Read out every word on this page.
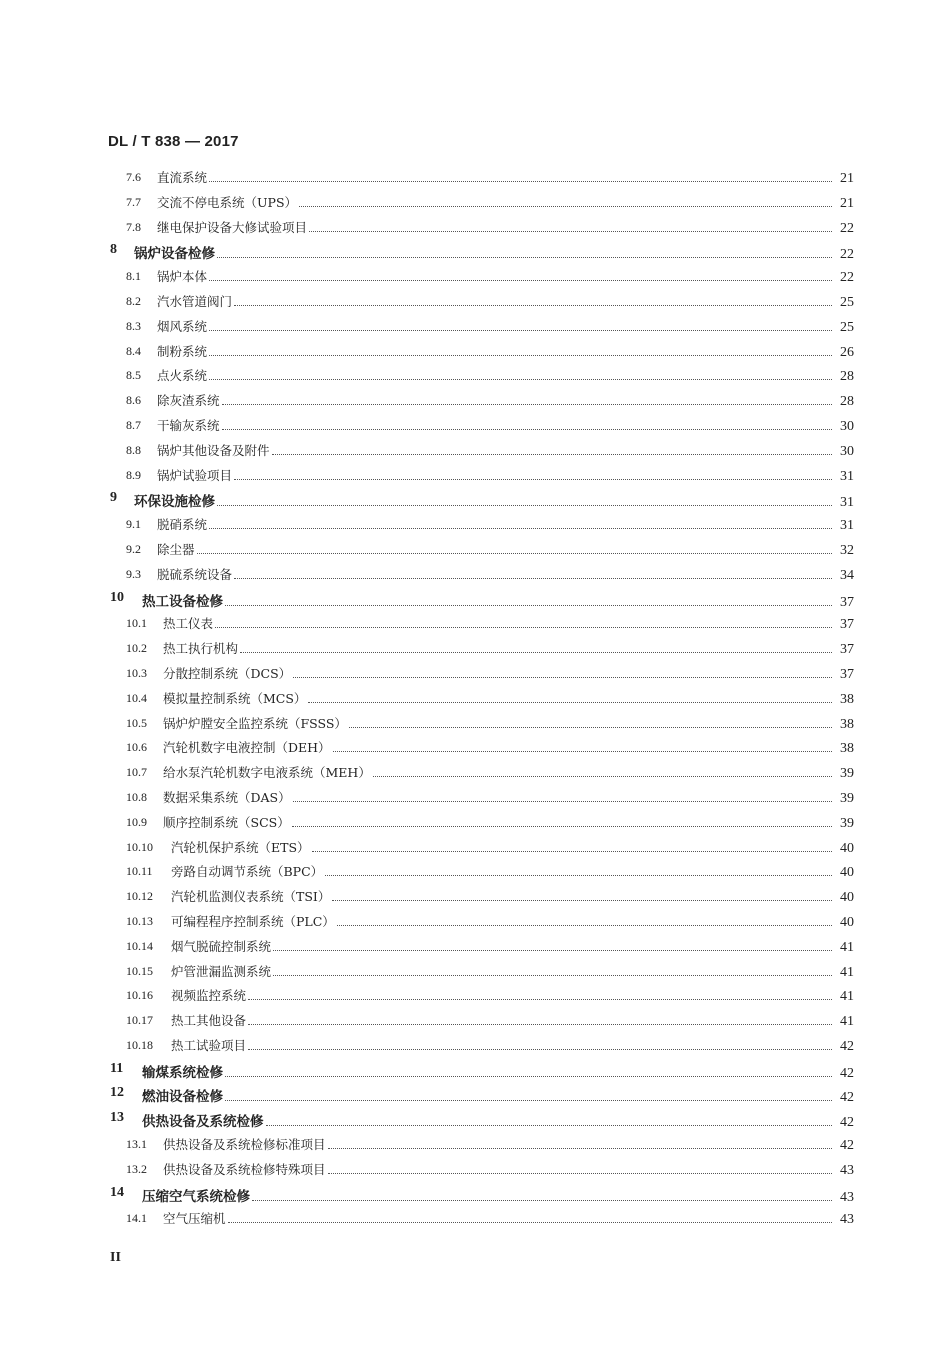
DL / T 838 — 2017
7.6 直流系统	21
7.7 交流不停电系统（UPS）	21
7.8 继电保护设备大修试验项目	22
8 锅炉设备检修	22
8.1 锅炉本体	22
8.2 汽水管道阀门	25
8.3 烟风系统	25
8.4 制粉系统	26
8.5 点火系统	28
8.6 除灰渣系统	28
8.7 干输灰系统	30
8.8 锅炉其他设备及附件	30
8.9 锅炉试验项目	31
9 环保设施检修	31
9.1 脱硝系统	31
9.2 除尘器	32
9.3 脱硫系统设备	34
10 热工设备检修	37
10.1 热工仪表	37
10.2 热工执行机构	37
10.3 分散控制系统（DCS）	37
10.4 模拟量控制系统（MCS）	38
10.5 锅炉炉膛安全监控系统（FSSS）	38
10.6 汽轮机数字电液控制（DEH）	38
10.7 给水泵汽轮机数字电液系统（MEH）	39
10.8 数据采集系统（DAS）	39
10.9 顺序控制系统（SCS）	39
10.10 汽轮机保护系统（ETS）	40
10.11 旁路自动调节系统（BPC）	40
10.12 汽轮机监测仪表系统（TSI）	40
10.13 可编程程序控制系统（PLC）	40
10.14 烟气脱硫控制系统	41
10.15 炉管泄漏监测系统	41
10.16 视频监控系统	41
10.17 热工其他设备	41
10.18 热工试验项目	42
11 输煤系统检修	42
12 燃油设备检修	42
13 供热设备及系统检修	42
13.1 供热设备及系统检修标准项目	42
13.2 供热设备及系统检修特殊项目	43
14 压缩空气系统检修	43
14.1 空气压缩机	43
II
